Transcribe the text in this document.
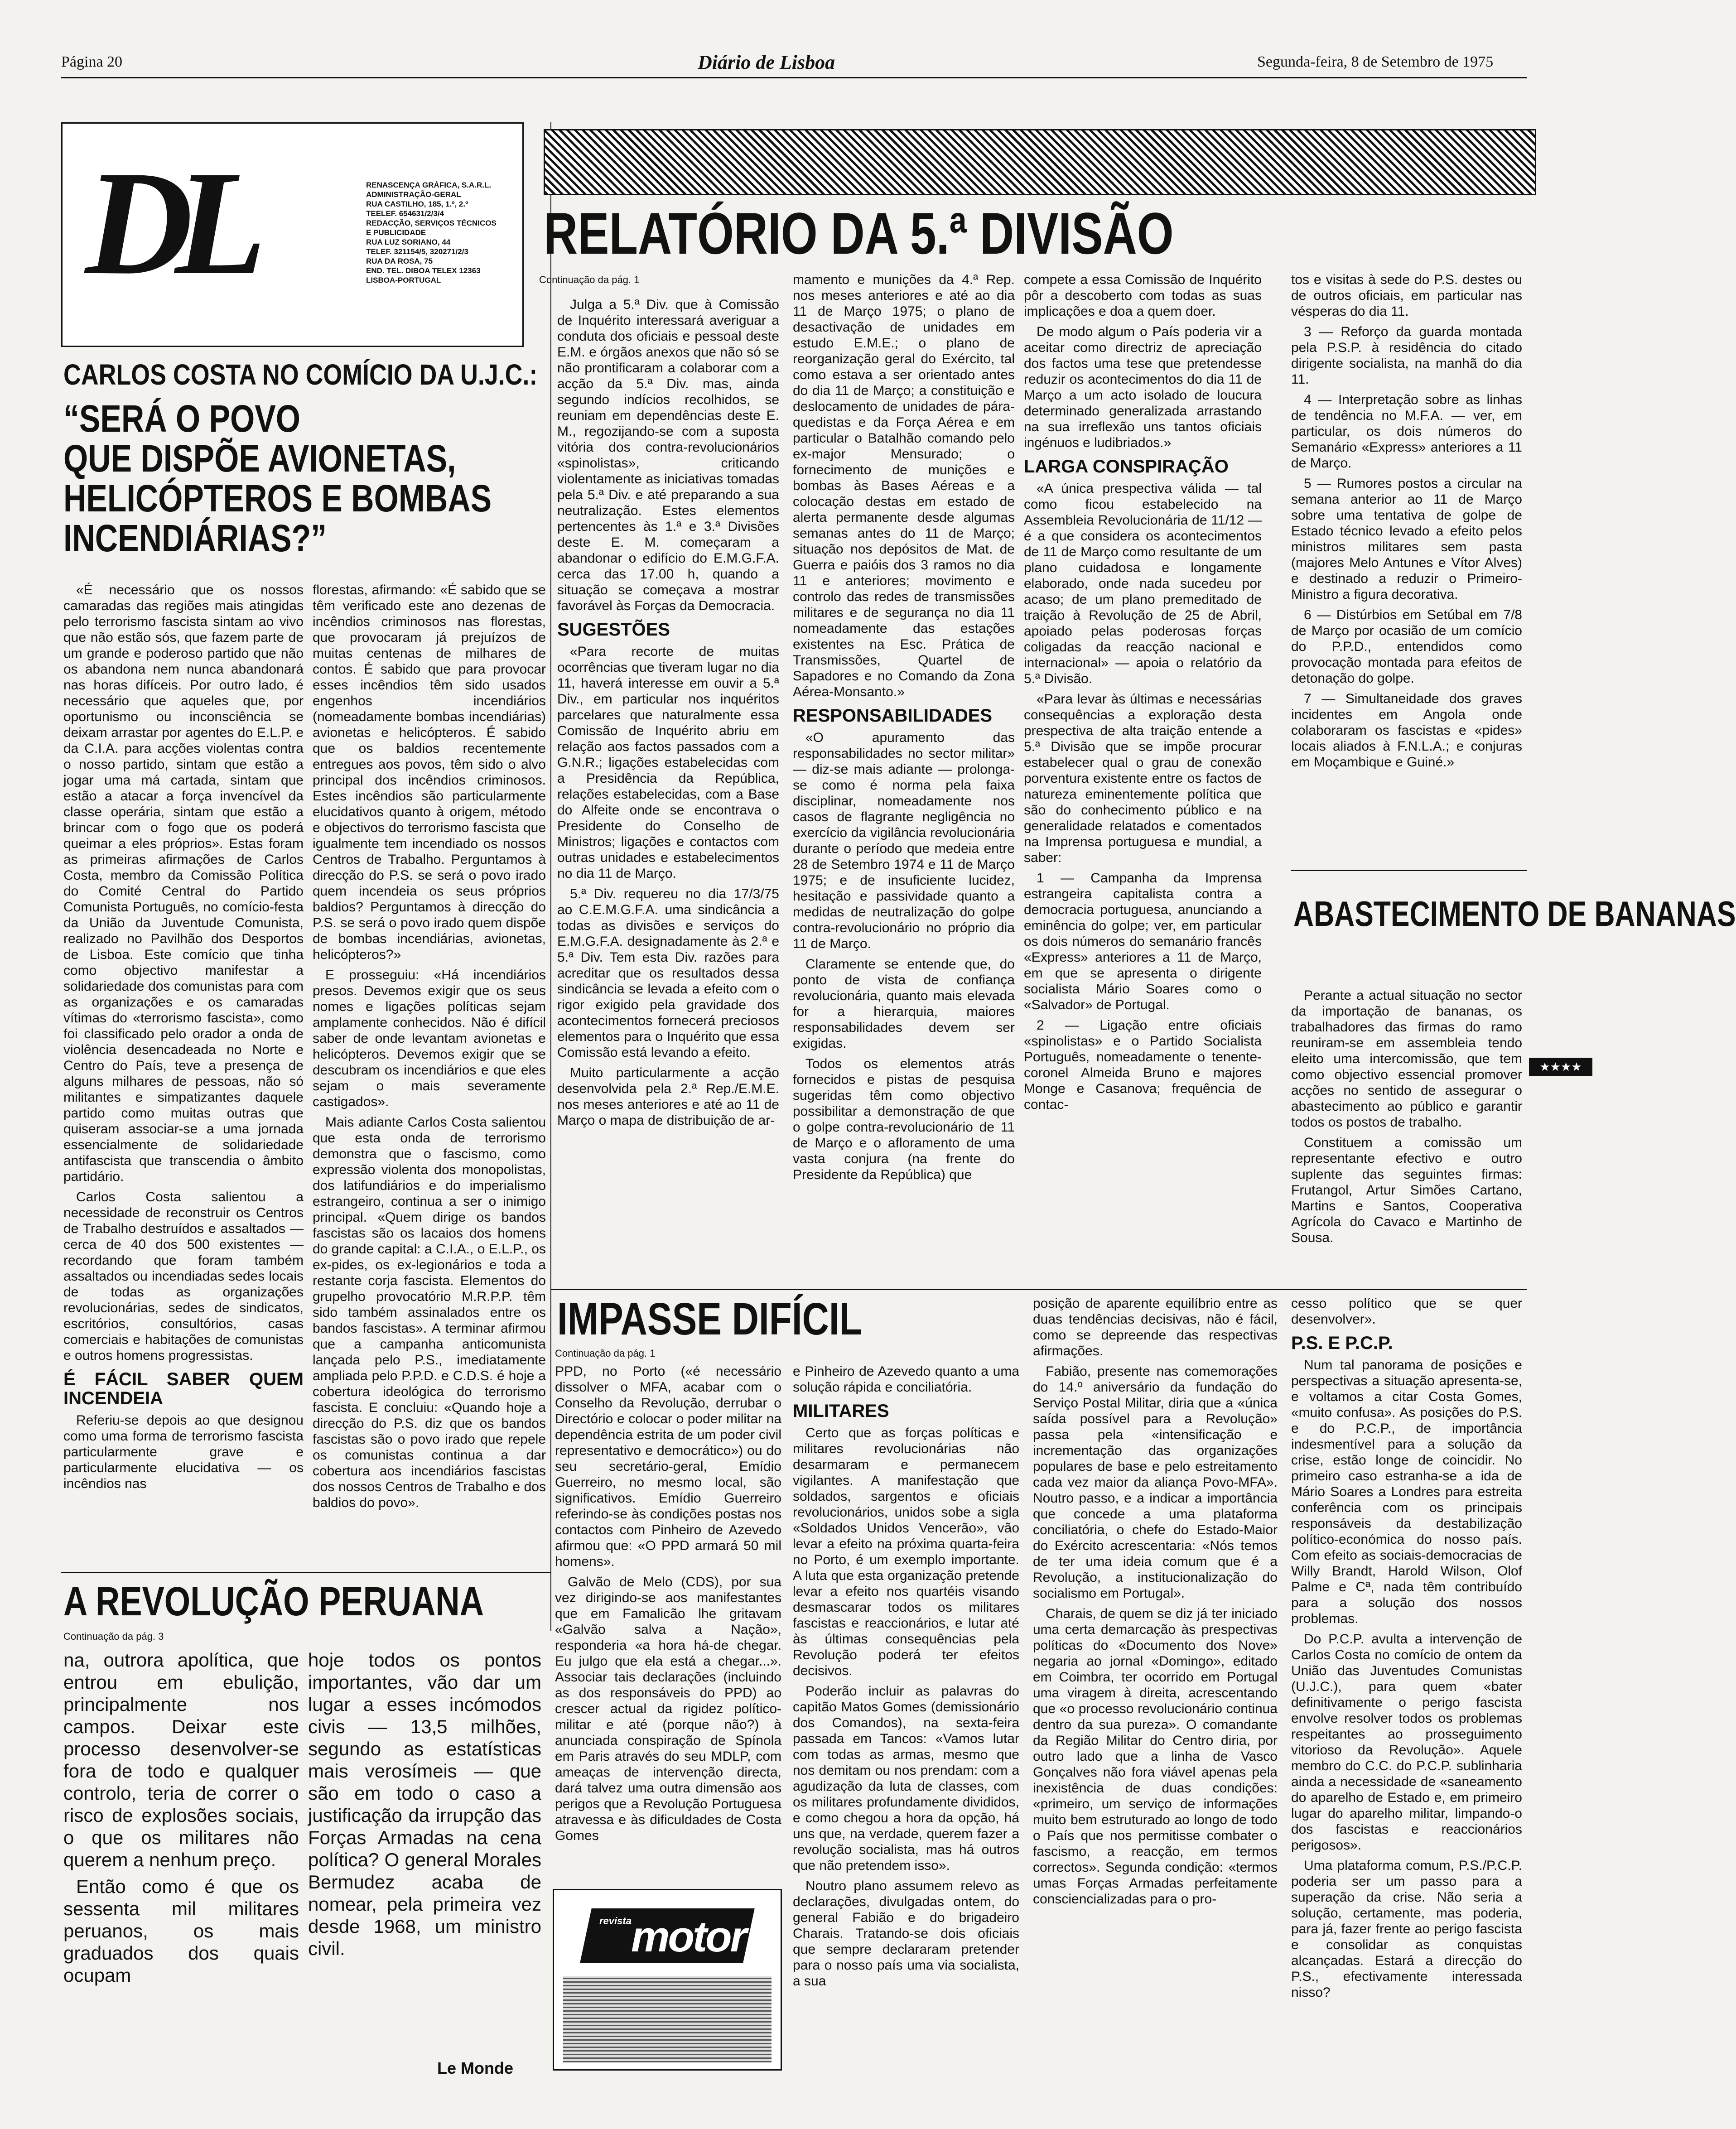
Página 20	Diário de Lisboa	Segunda-feira, 8 de Setembro de 1975
DL	RENASCENÇA GRÁFICA, S.A.R.L.
ADMINISTRAÇÃO-GERAL
RUA CASTILHO, 185, 1.º, 2.º
TEELEF. 654631/2/3/4
REDACÇÃO, SERVIÇOS TÉCNICOS
E PUBLICIDADE
RUA LUZ SORIANO, 44
TELEF. 321154/5, 320271/2/3
RUA DA ROSA, 75
END. TEL. DIBOA TELEX 12363
LISBOA-PORTUGAL
CARLOS COSTA NO COMÍCIO DA U.J.C.:
“SERÁ O POVO
QUE DISPÕE AVIONETAS,
HELICÓPTEROS E BOMBAS
INCENDIÁRIAS?”

«É necessário que os nossos camaradas das regiões mais atingidas pelo terrorismo fascista sintam ao vivo que não estão sós, que fazem parte de um grande e poderoso partido que não os abandona nem nunca abandonará nas horas difíceis. Por outro lado, é necessário que aqueles que, por oportunismo ou inconsciência se deixam arrastar por agentes do E.L.P. e da C.I.A. para acções violentas contra o nosso partido, sintam que estão a jogar uma má cartada, sintam que estão a atacar a força invencível da classe operária, sintam que estão a brincar com o fogo que os poderá queimar a eles próprios». Estas foram as primeiras afirmações de Carlos Costa, membro da Comissão Política do Comité Central do Partido Comunista Português, no comício-festa da União da Juventude Comunista, realizado no Pavilhão dos Desportos de Lisboa. Este comício que tinha como objectivo manifestar a solidariedade dos comunistas para com as organizações e os camaradas vítimas do «terrorismo fascista», como foi classificado pelo orador a onda de violência desencadeada no Norte e Centro do País, teve a presença de alguns milhares de pessoas, não só militantes e simpatizantes daquele partido como muitas outras que quiseram associar-se a uma jornada essencialmente de solidariedade antifascista que transcendia o âmbito partidário.

Carlos Costa salientou a necessidade de reconstruir os Centros de Trabalho destruídos e assaltados — cerca de 40 dos 500 existentes — recordando que foram também assaltados ou incendiadas sedes locais de todas as organizações revolucionárias, sedes de sindicatos, escritórios, consultórios, casas comerciais e habitações de comunistas e outros homens progressistas.

É FÁCIL SABER QUEM INCENDEIA

Referiu-se depois ao que designou como uma forma de terrorismo fascista particularmente grave e particularmente elucidativa — os incêndios nas

florestas, afirmando: «É sabido que se têm verificado este ano dezenas de incêndios criminosos nas florestas, que provocaram já prejuízos de muitas centenas de milhares de contos. É sabido que para provocar esses incêndios têm sido usados engenhos incendiários (nomeadamente bombas incendiárias) avionetas e helicópteros. É sabido que os baldios recentemente entregues aos povos, têm sido o alvo principal dos incêndios criminosos. Estes incêndios são particularmente elucidativos quanto à origem, método e objectivos do terrorismo fascista que igualmente tem incendiado os nossos Centros de Trabalho. Perguntamos à direcção do P.S. se será o povo irado quem incendeia os seus próprios baldios? Perguntamos à direcção do P.S. se será o povo irado quem dispõe de bombas incendiárias, avionetas, helicópteros?»

E prosseguiu: «Há incendiários presos. Devemos exigir que os seus nomes e ligações políticas sejam amplamente conhecidos. Não é difícil saber de onde levantam avionetas e helicópteros. Devemos exigir que se descubram os incendiários e que eles sejam o mais severamente castigados».

Mais adiante Carlos Costa salientou que esta onda de terrorismo demonstra que o fascismo, como expressão violenta dos monopolistas, dos latifundiários e do imperialismo estrangeiro, continua a ser o inimigo principal. «Quem dirige os bandos fascistas são os lacaios dos homens do grande capital: a C.I.A., o E.L.P., os ex-pides, os ex-legionários e toda a restante corja fascista. Elementos do grupelho provocatório M.R.P.P. têm sido também assinalados entre os bandos fascistas». A terminar afirmou que a campanha anticomunista lançada pelo P.S., imediatamente ampliada pelo P.P.D. e C.D.S. é hoje a cobertura ideológica do terrorismo fascista. E concluiu: «Quando hoje a direcção do P.S. diz que os bandos fascistas são o povo irado que repele os comunistas continua a dar cobertura aos incendiários fascistas dos nossos Centros de Trabalho e dos baldios do povo».

RELATÓRIO DA 5.ª DIVISÃO
Continuação da pág. 1

Julga a 5.ª Div. que à Comissão de Inquérito interessará averiguar a conduta dos oficiais e pessoal deste E.M. e órgãos anexos que não só se não prontificaram a colaborar com a acção da 5.ª Div. mas, ainda segundo indícios recolhidos, se reuniam em dependências deste E. M., regozijando-se com a suposta vitória dos contra-revolucionários «spinolistas», criticando violentamente as iniciativas tomadas pela 5.ª Div. e até preparando a sua neutralização. Estes elementos pertencentes às 1.ª e 3.ª Divisões deste E. M. começaram a abandonar o edifício do E.M.G.F.A. cerca das 17.00 h, quando a situação se começava a mostrar favorável às Forças da Democracia.

SUGESTÕES

«Para recorte de muitas ocorrências que tiveram lugar no dia 11, haverá interesse em ouvir a 5.ª Div., em particular nos inquéritos parcelares que naturalmente essa Comissão de Inquérito abriu em relação aos factos passados com a G.N.R.; ligações estabelecidas com a Presidência da República, relações estabelecidas, com a Base do Alfeite onde se encontrava o Presidente do Conselho de Ministros; ligações e contactos com outras unidades e estabelecimentos no dia 11 de Março.

5.ª Div. requereu no dia 17/3/75 ao C.E.M.G.F.A. uma sindicância a todas as divisões e serviços do E.M.G.F.A. designadamente às 2.ª e 5.ª Div. Tem esta Div. razões para acreditar que os resultados dessa sindicância se levada a efeito com o rigor exigido pela gravidade dos acontecimentos fornecerá preciosos elementos para o Inquérito que essa Comissão está levando a efeito.

Muito particularmente a acção desenvolvida pela 2.ª Rep./E.M.E. nos meses anteriores e até ao 11 de Março o mapa de distribuição de ar-

mamento e munições da 4.ª Rep. nos meses anteriores e até ao dia 11 de Março 1975; o plano de desactivação de unidades em estudo E.M.E.; o plano de reorganização geral do Exército, tal como estava a ser orientado antes do dia 11 de Março; a constituição e deslocamento de unidades de pára-quedistas e da Força Aérea e em particular o Batalhão comando pelo ex-major Mensurado; o fornecimento de munições e bombas às Bases Aéreas e a colocação destas em estado de alerta permanente desde algumas semanas antes do 11 de Março; situação nos depósitos de Mat. de Guerra e paióis dos 3 ramos no dia 11 e anteriores; movimento e controlo das redes de transmissões militares e de segurança no dia 11 nomeadamente das estações existentes na Esc. Prática de Transmissões, Quartel de Sapadores e no Comando da Zona Aérea-Monsanto.»

RESPONSABILIDADES

«O apuramento das responsabilidades no sector militar» — diz-se mais adiante — prolonga-se como é norma pela faixa disciplinar, nomeadamente nos casos de flagrante negligência no exercício da vigilância revolucionária durante o período que medeia entre 28 de Setembro 1974 e 11 de Março 1975; e de insuficiente lucidez, hesitação e passividade quanto a medidas de neutralização do golpe contra-revolucionário no próprio dia 11 de Março.

Claramente se entende que, do ponto de vista de confiança revolucionária, quanto mais elevada for a hierarquia, maiores responsabilidades devem ser exigidas.

Todos os elementos atrás fornecidos e pistas de pesquisa sugeridas têm como objectivo possibilitar a demonstração de que o golpe contra-revolucionário de 11 de Março e o afloramento de uma vasta conjura (na frente do Presidente da República) que

compete a essa Comissão de Inquérito pôr a descoberto com todas as suas implicações e doa a quem doer.

De modo algum o País poderia vir a aceitar como directriz de apreciação dos factos uma tese que pretendesse reduzir os acontecimentos do dia 11 de Março a um acto isolado de loucura determinado generalizada arrastando na sua irreflexão uns tantos oficiais ingénuos e ludibriados.»

LARGA CONSPIRAÇÃO

«A única prespectiva válida — tal como ficou estabelecido na Assembleia Revolucionária de 11/12 — é a que considera os acontecimentos de 11 de Março como resultante de um plano cuidadosa e longamente elaborado, onde nada sucedeu por acaso; de um plano premeditado de traição à Revolução de 25 de Abril, apoiado pelas poderosas forças coligadas da reacção nacional e internacional» — apoia o relatório da 5.ª Divisão.

«Para levar às últimas e necessárias consequências a exploração desta prespectiva de alta traição entende a 5.ª Divisão que se impõe procurar estabelecer qual o grau de conexão porventura existente entre os factos de natureza eminentemente política que são do conhecimento público e na generalidade relatados e comentados na Imprensa portuguesa e mundial, a saber:

1 — Campanha da Imprensa estrangeira capitalista contra a democracia portuguesa, anunciando a eminência do golpe; ver, em particular os dois números do semanário francês «Express» anteriores a 11 de Março, em que se apresenta o dirigente socialista Mário Soares como o «Salvador» de Portugal.

2 — Ligação entre oficiais «spinolistas» e o Partido Socialista Português, nomeadamente o tenente-coronel Almeida Bruno e majores Monge e Casanova; frequência de contac-

tos e visitas à sede do P.S. destes ou de outros oficiais, em particular nas vésperas do dia 11.

3 — Reforço da guarda montada pela P.S.P. à residência do citado dirigente socialista, na manhã do dia 11.

4 — Interpretação sobre as linhas de tendência no M.F.A. — ver, em particular, os dois números do Semanário «Express» anteriores a 11 de Março.

5 — Rumores postos a circular na semana anterior ao 11 de Março sobre uma tentativa de golpe de Estado técnico levado a efeito pelos ministros militares sem pasta (majores Melo Antunes e Vítor Alves) e destinado a reduzir o Primeiro-Ministro a figura decorativa.

6 — Distúrbios em Setúbal em 7/8 de Março por ocasião de um comício do P.P.D., entendidos como provocação montada para efeitos de detonação do golpe.

7 — Simultaneidade dos graves incidentes em Angola onde colaboraram os fascistas e «pides» locais aliados à F.N.L.A.; e conjuras em Moçambique e Guiné.»

ABASTECIMENTO DE BANANAS

Perante a actual situação no sector da importação de bananas, os trabalhadores das firmas do ramo reuniram-se em assembleia tendo eleito uma intercomissão, que tem como objectivo essencial promover acções no sentido de assegurar o abastecimento ao público e garantir todos os postos de trabalho.

Constituem a comissão um representante efectivo e outro suplente das seguintes firmas: Frutangol, Artur Simões Cartano, Martins e Santos, Cooperativa Agrícola do Cavaco e Martinho de Sousa.

★★★★
IMPASSE DIFÍCIL
Continuação da pág. 1

PPD, no Porto («é necessário dissolver o MFA, acabar com o Conselho da Revolução, derrubar o Directório e colocar o poder militar na dependência estrita de um poder civil representativo e democrático») ou do seu secretário-geral, Emídio Guerreiro, no mesmo local, são significativos. Emídio Guerreiro referindo-se às condições postas nos contactos com Pinheiro de Azevedo afirmou que: «O PPD armará 50 mil homens».

Galvão de Melo (CDS), por sua vez dirigindo-se aos manifestantes que em Famalicão lhe gritavam «Galvão salva a Nação», responderia «a hora há-de chegar. Eu julgo que ela está a chegar...». Associar tais declarações (incluindo as dos responsáveis do PPD) ao crescer actual da rigidez político-militar e até (porque não?) à anunciada conspiração de Spínola em Paris através do seu MDLP, com ameaças de intervenção directa, dará talvez uma outra dimensão aos perigos que a Revolução Portuguesa atravessa e às dificuldades de Costa Gomes

e Pinheiro de Azevedo quanto a uma solução rápida e conciliatória.

MILITARES

Certo que as forças políticas e militares revolucionárias não desarmaram e permanecem vigilantes. A manifestação que soldados, sargentos e oficiais revolucionários, unidos sobe a sigla «Soldados Unidos Vencerão», vão levar a efeito na próxima quarta-feira no Porto, é um exemplo importante. A luta que esta organização pretende levar a efeito nos quartéis visando desmascarar todos os militares fascistas e reaccionários, e lutar até às últimas consequências pela Revolução poderá ter efeitos decisivos.

Poderão incluir as palavras do capitão Matos Gomes (demissionário dos Comandos), na sexta-feira passada em Tancos: «Vamos lutar com todas as armas, mesmo que nos demitam ou nos prendam: com a agudização da luta de classes, com os militares profundamente divididos, e como chegou a hora da opção, há uns que, na verdade, querem fazer a revolução socialista, mas há outros que não pretendem isso».

Noutro plano assumem relevo as declarações, divulgadas ontem, do general Fabião e do brigadeiro Charais. Tratando-se dois oficiais que sempre declararam pretender para o nosso país uma via socialista, a sua

posição de aparente equilíbrio entre as duas tendências decisivas, não é fácil, como se depreende das respectivas afirmações.

Fabião, presente nas comemorações do 14.º aniversário da fundação do Serviço Postal Militar, diria que a «única saída possível para a Revolução» passa pela «intensificação e incrementação das organizações populares de base e pelo estreitamento cada vez maior da aliança Povo-MFA». Noutro passo, e a indicar a importância que concede a uma plataforma conciliatória, o chefe do Estado-Maior do Exército acrescentaria: «Nós temos de ter uma ideia comum que é a Revolução, a institucionalização do socialismo em Portugal».

Charais, de quem se diz já ter iniciado uma certa demarcação às prespectivas políticas do «Documento dos Nove» negaria ao jornal «Domingo», editado em Coimbra, ter ocorrido em Portugal uma viragem à direita, acrescentando que «o processo revolucionário continua dentro da sua pureza». O comandante da Região Militar do Centro diria, por outro lado que a linha de Vasco Gonçalves não fora viável apenas pela inexistência de duas condições: «primeiro, um serviço de informações muito bem estruturado ao longo de todo o País que nos permitisse combater o fascismo, a reacção, em termos correctos». Segunda condição: «termos umas Forças Armadas perfeitamente consciencializadas para o pro-

cesso político que se quer desenvolver».

P.S. E P.C.P.

Num tal panorama de posições e perspectivas a situação apresenta-se, e voltamos a citar Costa Gomes, «muito confusa». As posições do P.S. e do P.C.P., de importância indesmentível para a solução da crise, estão longe de coincidir. No primeiro caso estranha-se a ida de Mário Soares a Londres para estreita conferência com os principais responsáveis da destabilização político-económica do nosso país. Com efeito as sociais-democracias de Willy Brandt, Harold Wilson, Olof Palme e Cª, nada têm contribuído para a solução dos nossos problemas.

Do P.C.P. avulta a intervenção de Carlos Costa no comício de ontem da União das Juventudes Comunistas (U.J.C.), para quem «bater definitivamente o perigo fascista envolve resolver todos os problemas respeitantes ao prosseguimento vitorioso da Revolução». Aquele membro do C.C. do P.C.P. sublinharia ainda a necessidade de «saneamento do aparelho de Estado e, em primeiro lugar do aparelho militar, limpando-o dos fascistas e reaccionários perigosos».

Uma plataforma comum, P.S./P.C.P. poderia ser um passo para a superação da crise. Não seria a solução, certamente, mas poderia, para já, fazer frente ao perigo fascista e consolidar as conquistas alcançadas. Estará a direcção do P.S., efectivamente interessada nisso?

revista motor
A REVOLUÇÃO PERUANA
Continuação da pág. 3

na, outrora apolítica, que entrou em ebulição, principalmente nos campos. Deixar este processo desenvolver-se fora de todo e qualquer controlo, teria de correr o risco de explosões sociais, o que os militares não querem a nenhum preço.

Então como é que os sessenta mil militares peruanos, os mais graduados dos quais ocupam

hoje todos os pontos importantes, vão dar um lugar a esses incómodos civis — 13,5 milhões, segundo as estatísticas mais verosímeis — que são em todo o caso a justificação da irrupção das Forças Armadas na cena política? O general Morales Bermudez acaba de nomear, pela primeira vez desde 1968, um ministro civil.

Le Monde
